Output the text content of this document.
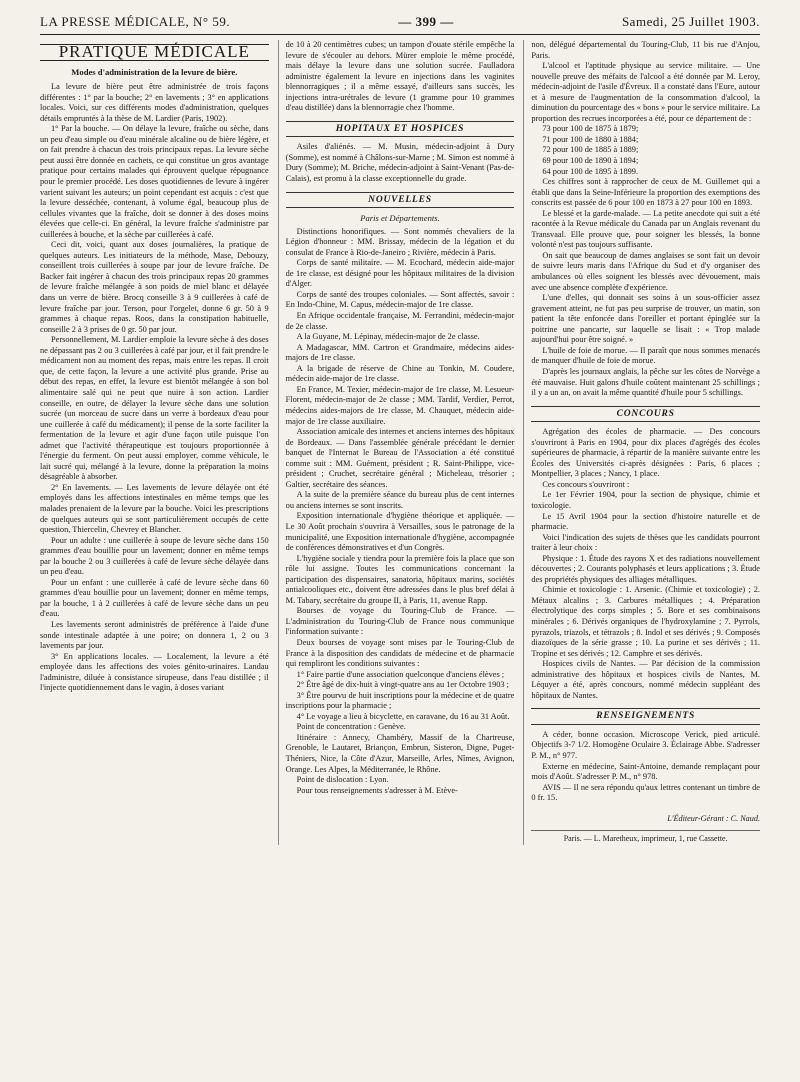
LA PRESSE MÉDICALE, N° 59.	— 399 —	Samedi, 25 Juillet 1903.
PRATIQUE MÉDICALE
Modes d'administration de la levure de bière.

La levure de bière peut être administrée de trois façons différentes : 1° par la bouche; 2° en lavements ; 3° en applications locales. Voici, sur ces différents modes d'administration, quelques détails empruntés à la thèse de M. Lardier (Paris, 1902).

1° Par la bouche. — On délaye la levure, fraîche ou sèche, dans un peu d'eau simple ou d'eau minérale alcaline ou de bière légère, et on fait prendre à chacun des trois principaux repas. La levure sèche peut aussi être donnée en cachets, ce qui constitue un gros avantage pratique pour certains malades qui éprouvent quelque répugnance pour le premier procédé. Les doses quotidiennes de levure à ingérer varient suivant les auteurs; un point cependant est acquis : c'est que la levure desséchée, contenant, à volume égal, beaucoup plus de cellules vivantes que la fraîche, doit se donner à des doses moins élevées que celle-ci. En général, la levure fraîche s'administre par cuillerées à bouche, et la sèche par cuillerées à café.

Ceci dit, voici, quant aux doses journalières, la pratique de quelques auteurs. Les initiateurs de la méthode, Mase, Debouzy, conseillent trois cuillerées à soupe par jour de levure fraîche. De Backer fait ingérer à chacun des trois principaux repas 20 grammes de levure fraîche mélangée à son poids de miel blanc et délayée dans un verre de bière. Brocq conseille 3 à 9 cuillerées à café de levure fraîche par jour. Terson, pour l'orgelet, donne 6 gr. 50 à 9 grammes à chaque repas. Roos, dans la constipation habituelle, conseille 2 à 3 prises de 0 gr. 50 par jour.

Personnellement, M. Lardier emploie la levure sèche à des doses ne dépassant pas 2 ou 3 cuillerées à café par jour, et il fait prendre le médicament non au moment des repas, mais entre les repas. Il croit que, de cette façon, la levure a une activité plus grande. Prise au début des repas, en effet, la levure est bientôt mélangée à son bol alimentaire salé qui ne peut que nuire à son action. Lardier conseille, en outre, de délayer la levure sèche dans une solution sucrée (un morceau de sucre dans un verre à bordeaux d'eau pour une cuillerée à café du médicament); il pense de la sorte faciliter la fermentation de la levure et agir d'une façon utile puisque l'on admet que l'activité thérapeutique est toujours proportionnée à l'énergie du ferment. On peut aussi employer, comme véhicule, le lait sucré qui, mélangé à la levure, donne la préparation la moins désagréable à absorber.

2° En lavements. — Les lavements de levure délayée ont été employés dans les affections intestinales en même temps que les malades prenaient de la levure par la bouche. Voici les prescriptions de quelques auteurs qui se sont particulièrement occupés de cette question, Thiercelin, Chevrey et Blancher.

Pour un adulte : une cuillerée à soupe de levure sèche dans 150 grammes d'eau bouillie pour un lavement; donner en même temps par la bouche 2 ou 3 cuillerées à café de levure sèche délayée dans un peu d'eau.

Pour un enfant : une cuillerée à café de levure sèche dans 60 grammes d'eau bouillie pour un lavement; donner en même temps, par la bouche, 1 à 2 cuillerées à café de levure sèche dans un peu d'eau.

Les lavements seront administrés de préférence à l'aide d'une sonde intestinale adaptée à une poire; on donnera 1, 2 ou 3 lavements par jour.

3° En applications locales. — Localement, la levure a été employée dans les affections des voies génito-urinaires. Landau l'administre, diluée à consistance sirupeuse, dans l'eau distillée ; il l'injecte quotidiennement dans le vagin, à doses variant

de 10 à 20 centimètres cubes; un tampon d'ouate stérile empêche la levure de s'écouler au dehors. Mürer emploie le même procédé, mais délaye la levure dans une solution sucrée. Faulladora administre également la levure en injections dans les vaginites blennorragiques ; il a même essayé, d'ailleurs sans succès, les injections intra-urétrales de levure (1 gramme pour 10 grammes d'eau distillée) dans la blennorragie chez l'homme.

HOPITAUX ET HOSPICES

Asiles d'aliénés. — M. Musin, médecin-adjoint à Dury (Somme), est nommé à Châlons-sur-Marne ; M. Simon est nommé à Dury (Somme); M. Briche, médecin-adjoint à Saint-Venant (Pas-de-Calais), est promu à la classe exceptionnelle du grade.

NOUVELLES
Paris et Départements.

Distinctions honorifiques. — Sont nommés chevaliers de la Légion d'honneur : MM. Brissay, médecin de la légation et du consulat de France à Rio-de-Janeiro ; Rivière, médecin à Paris.

Corps de santé militaire. — M. Ecochard, médecin aide-major de 1re classe, est désigné pour les hôpitaux militaires de la division d'Alger.

Corps de santé des troupes coloniales. — Sont affectés, savoir : En Indo-Chine, M. Capus, médecin-major de 1re classe.

En Afrique occidentale française, M. Ferrandini, médecin-major de 2e classe.

A la Guyane, M. Lépinay, médecin-major de 2e classe.

A Madagascar, MM. Cartron et Grandmaire, médecins aides-majors de 1re classe.

A la brigade de réserve de Chine au Tonkin, M. Coudere, médecin aide-major de 1re classe.

En France, M. Texier, médecin-major de 1re classe, M. Lesueur-Florent, médecin-major de 2e classe ; MM. Tardif, Verdier, Perrot, médecins aides-majors de 1re classe, M. Chauquet, médecin aide-major de 1re classe auxiliaire.

Association amicale des internes et anciens internes des hôpitaux de Bordeaux. — Dans l'assemblée générale précédant le dernier banquet de l'Internat le Bureau de l'Association a été constitué comme suit : MM. Guément, président ; R. Saint-Philippe, vice-président ; Cruchet, secrétaire général ; Micheleau, trésorier ; Galtier, secrétaire des séances.

A la suite de la première séance du bureau plus de cent internes ou anciens internes se sont inscrits.

Exposition internationale d'hygiène théorique et appliquée. — Le 30 Août prochain s'ouvrira à Versailles, sous le patronage de la municipalité, une Exposition internationale d'hygiène, accompagnée de conférences démonstratives et d'un Congrès.

L'hygiène sociale y tiendra pour la première fois la place que son rôle lui assigne. Toutes les communications concernant la participation des dispensaires, sanatoria, hôpitaux marins, sociétés antialcooliques etc., doivent être adressées dans le plus bref délai à M. Tabary, secrétaire du groupe II, à Paris, 11, avenue Rapp.

Bourses de voyage du Touring-Club de France. — L'administration du Touring-Club de France nous communique l'information suivante :

Deux bourses de voyage sont mises par le Touring-Club de France à la disposition des candidats de médecine et de pharmacie qui rempliront les conditions suivantes :

1° Faire partie d'une association quelconque d'anciens élèves ;

2° Être âgé de dix-huit à vingt-quatre ans au 1er Octobre 1903 ;

3° Être pourvu de huit inscriptions pour la médecine et de quatre inscriptions pour la pharmacie ;

4° Le voyage a lieu à bicyclette, en caravane, du 16 au 31 Août.

Point de concentration : Genève.

Itinéraire : Annecy, Chambéry, Massif de la Chartreuse, Grenoble, le Lautaret, Briançon, Embrun, Sisteron, Digne, Puget-Théniers, Nice, la Côte d'Azur, Marseille, Arles, Nîmes, Avignon, Orange. Les Alpes, la Méditerranée, le Rhône.

Point de dislocation : Lyon.

Pour tous renseignements s'adresser à M. Etève-

non, délégué départemental du Touring-Club, 11 bis rue d'Anjou, Paris.

L'alcool et l'aptitude physique au service militaire. — Une nouvelle preuve des méfaits de l'alcool a été donnée par M. Leroy, médecin-adjoint de l'asile d'Évreux. Il a constaté dans l'Eure, autour et à mesure de l'augmentation de la consommation d'alcool, la diminution du pourcentage des « bons » pour le service militaire. La proportion des recrues incorporées a été, pour ce département de :

73 pour 100 de 1875 à 1879;

71 pour 100 de 1880 à 1884;

72 pour 100 de 1885 à 1889;

69 pour 100 de 1890 à 1894;

64 pour 100 de 1895 à 1899.

Ces chiffres sont à rapprocher de ceux de M. Guillemet qui a établi que dans la Seine-Inférieure la proportion des exemptions des conscrits est passée de 6 pour 100 en 1873 à 27 pour 100 en 1893.

Le blessé et la garde-malade. — La petite anecdote qui suit a été racontée à la Revue médicale du Canada par un Anglais revenant du Transvaal. Elle prouve que, pour soigner les blessés, la bonne volonté n'est pas toujours suffisante.

On sait que beaucoup de dames anglaises se sont fait un devoir de suivre leurs maris dans l'Afrique du Sud et d'y organiser des ambulances où elles soignent les blessés avec dévouement, mais avec une absence complète d'expérience.

L'une d'elles, qui donnait ses soins à un sous-officier assez gravement atteint, ne fut pas peu surprise de trouver, un matin, son patient la tête enfoncée dans l'oreiller et portant épinglée sur la poitrine une pancarte, sur laquelle se lisait : « Trop malade aujourd'hui pour être soigné. »

L'huile de foie de morue. — Il paraît que nous sommes menacés de manquer d'huile de foie de morue.

D'après les journaux anglais, la pêche sur les côtes de Norvège a été mauvaise. Huit galons d'huile coûtent maintenant 25 schillings ; il y a un an, on avait la même quantité d'huile pour 5 schillings.

CONCOURS

Agrégation des écoles de pharmacie. — Des concours s'ouvriront à Paris en 1904, pour dix places d'agrégés des écoles supérieures de pharmacie, à répartir de la manière suivante entre les Écoles des Universités ci-après désignées : Paris, 6 places ; Montpellier, 3 places ; Nancy, 1 place.

Ces concours s'ouvriront :

Le 1er Février 1904, pour la section de physique, chimie et toxicologie.

Le 15 Avril 1904 pour la section d'histoire naturelle et de pharmacie.

Voici l'indication des sujets de thèses que les candidats pourront traiter à leur choix :

Physique : 1. Étude des rayons X et des radiations nouvellement découvertes ; 2. Courants polyphasés et leurs applications ; 3. Étude des propriétés physiques des alliages métalliques.

Chimie et toxicologie : 1. Arsenic. (Chimie et toxicologie) ; 2. Métaux alcalins ; 3. Carbures métalliques ; 4. Préparation électrolytique des corps simples ; 5. Bore et ses combinaisons minérales ; 6. Dérivés organiques de l'hydroxylamine ; 7. Pyrrols, pyrazols, triazols, et tétrazols ; 8. Indol et ses dérivés ; 9. Composés diazoïques de la série grasse ; 10. La purine et ses dérivés ; 11. Tropine et ses dérivés ; 12. Camphre et ses dérivés.

Hospices civils de Nantes. — Par décision de la commission administrative des hôpitaux et hospices civils de Nantes, M. Léquyer a été, après concours, nommé médecin suppléant des hôpitaux de Nantes.

RENSEIGNEMENTS

A céder, bonne occasion. Microscope Verick, pied articulé. Objectifs 3-7 1/2. Homogène Oculaire 3. Éclairage Abbe. S'adresser P. M., n° 977.

Externe en médecine, Saint-Antoine, demande remplaçant pour mois d'Août. S'adresser P. M., n° 978.

AVIS — Il ne sera répondu qu'aux lettres contenant un timbre de 0 fr. 15.

L'Éditeur-Gérant : C. Naud.
Paris. — L. Maretheux, imprimeur, 1, rue Cassette.
